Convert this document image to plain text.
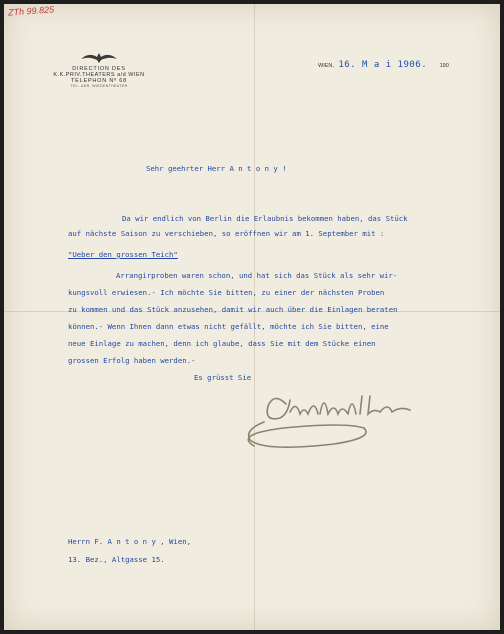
ZTh 99.825
DIRECTION DES
K.K.PRIV.THEATERS a/d WIEN
TELEPHON Nº 68
TEL.-ADR. WIEDENTHEATER
WIEN, 16. M a i 1906. 190
Sehr geehrter Herr A n t o n y !
Da wir endlich von Berlin die Erlaubnis bekommen haben, das Stück
auf nächste Saison zu verschieben, so eröffnen wir am 1. September mit :
"Ueber den grossen Teich"
Arrangirproben waren schon, und hat sich das Stück als sehr wir-
kungsvoll erwiesen.- Ich möchte Sie bitten, zu einer der nächsten Proben
zu kommen und das Stück anzusehen, damit wir auch über die Einlagen beraten
können.- Wenn Ihnen dann etwas nicht gefällt, möchte ich Sie bitten, eine
neue Einlage zu machen, denn ich glaube, dass Sie mit dem Stücke einen
grossen Erfolg haben werden.-
Es grüsst Sie
Herrn F. A n t o n y , Wien,
13. Bez., Altgasse 15.
